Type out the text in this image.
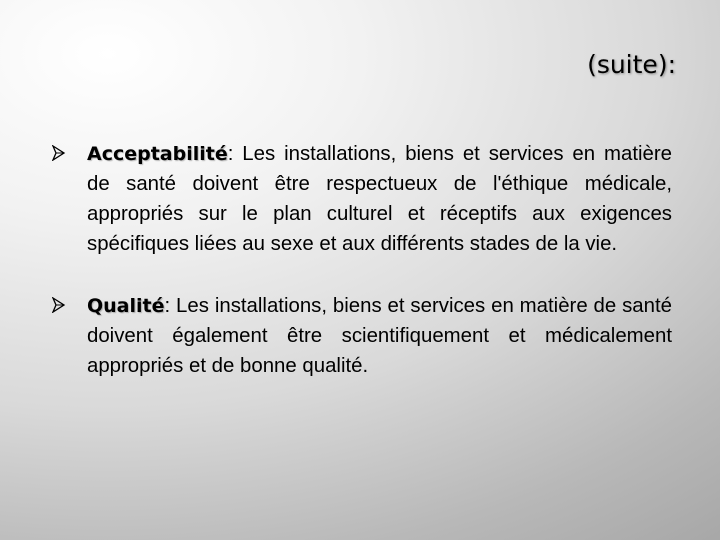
(suite):
Acceptabilité: Les installations, biens et services en matière de santé doivent être respectueux de l'éthique médicale, appropriés sur le plan culturel et réceptifs aux exigences spécifiques liées au sexe et aux différents stades de la vie.
Qualité: Les installations, biens et services en matière de santé doivent également être scientifiquement et médicalement appropriés et de bonne qualité.
